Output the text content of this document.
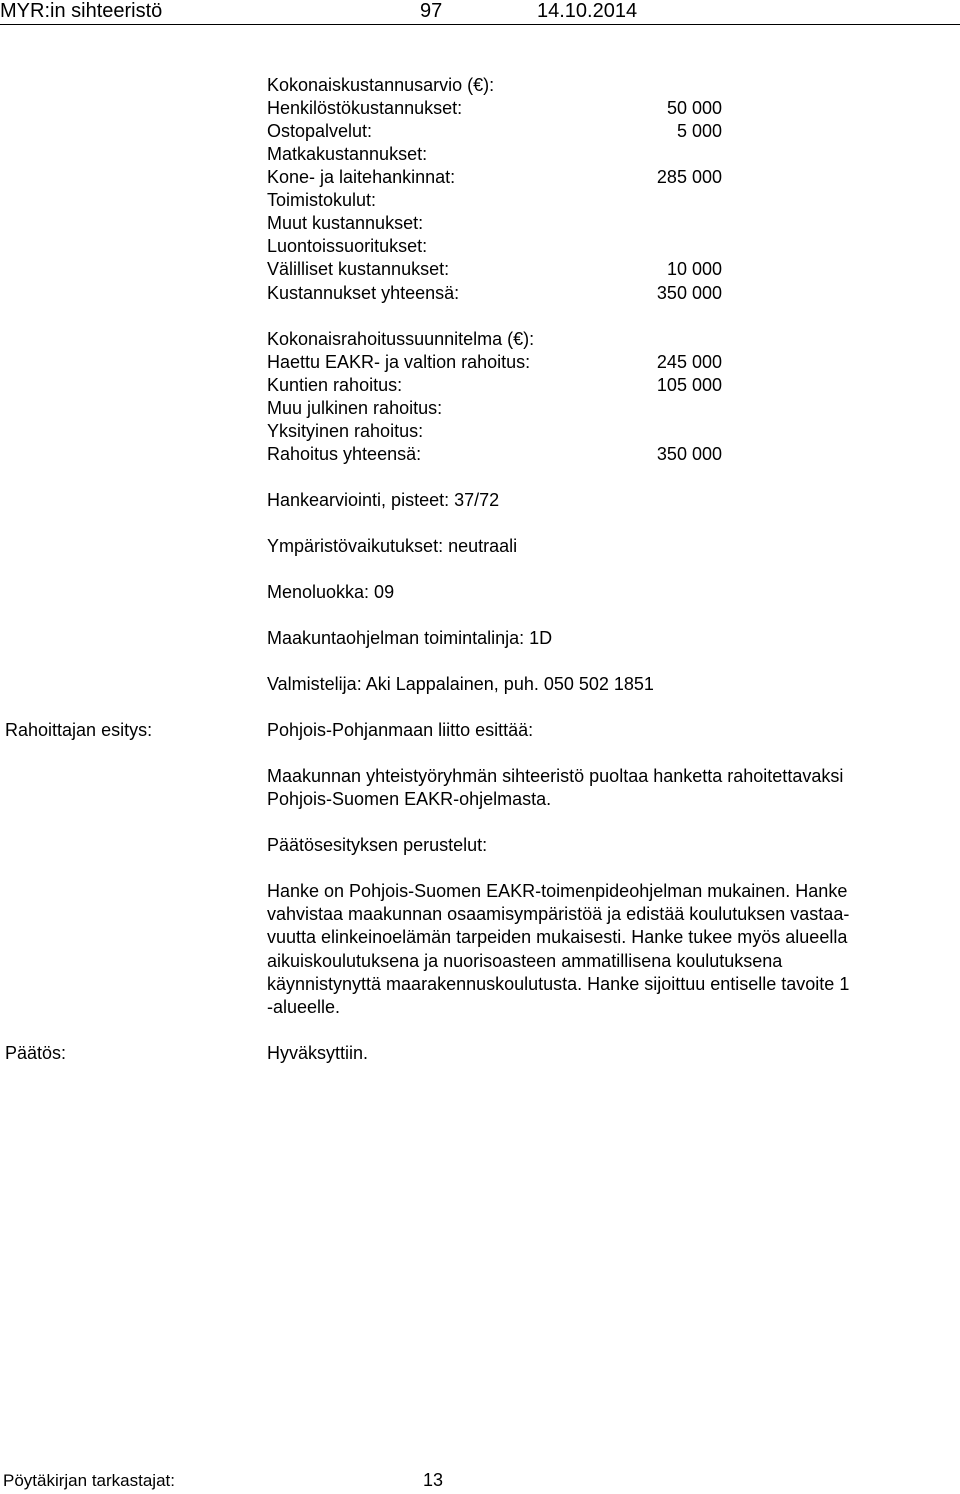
MYR:in sihteeristö	97	14.10.2014
Kokonaiskustannusarvio (€):
Henkilöstökustannukset:	50 000
Ostopalvelut:	5 000
Matkakustannukset:
Kone- ja laitehankinnat:	285 000
Toimistokulut:
Muut kustannukset:
Luontoissuoritukset:
Välilliset kustannukset:	10 000
Kustannukset yhteensä:	350 000
Kokonaisrahoitussuunnitelma (€):
Haettu EAKR- ja valtion rahoitus:	245 000
Kuntien rahoitus:	105 000
Muu julkinen rahoitus:
Yksityinen rahoitus:
Rahoitus yhteensä:	350 000
Hankearviointi, pisteet: 37/72
Ympäristövaikutukset: neutraali
Menoluokka: 09
Maakuntaohjelman toimintalinja: 1D
Valmistelija: Aki Lappalainen, puh. 050 502 1851
Rahoittajan esitys:	Pohjois-Pohjanmaan liitto esittää:

Maakunnan yhteistyöryhmän sihteeristö puoltaa hanketta rahoitettavaksi

Pohjois-Suomen EAKR-ohjelmasta.

Päätösesityksen perustelut:

Hanke on Pohjois-Suomen EAKR-toimenpideohjelman mukainen. Hanke

vahvistaa maakunnan osaamisympäristöä ja edistää koulutuksen vastaa-

vuutta elinkeinoelämän tarpeiden mukaisesti. Hanke tukee myös alueella

aikuiskoulutuksena ja nuorisoasteen ammatillisena koulutuksena

käynnistynyttä maarakennuskoulutusta. Hanke sijoittuu entiselle tavoite 1

-alueelle.

Päätös:	Hyväksyttiin.
Pöytäkirjan tarkastajat:	13
